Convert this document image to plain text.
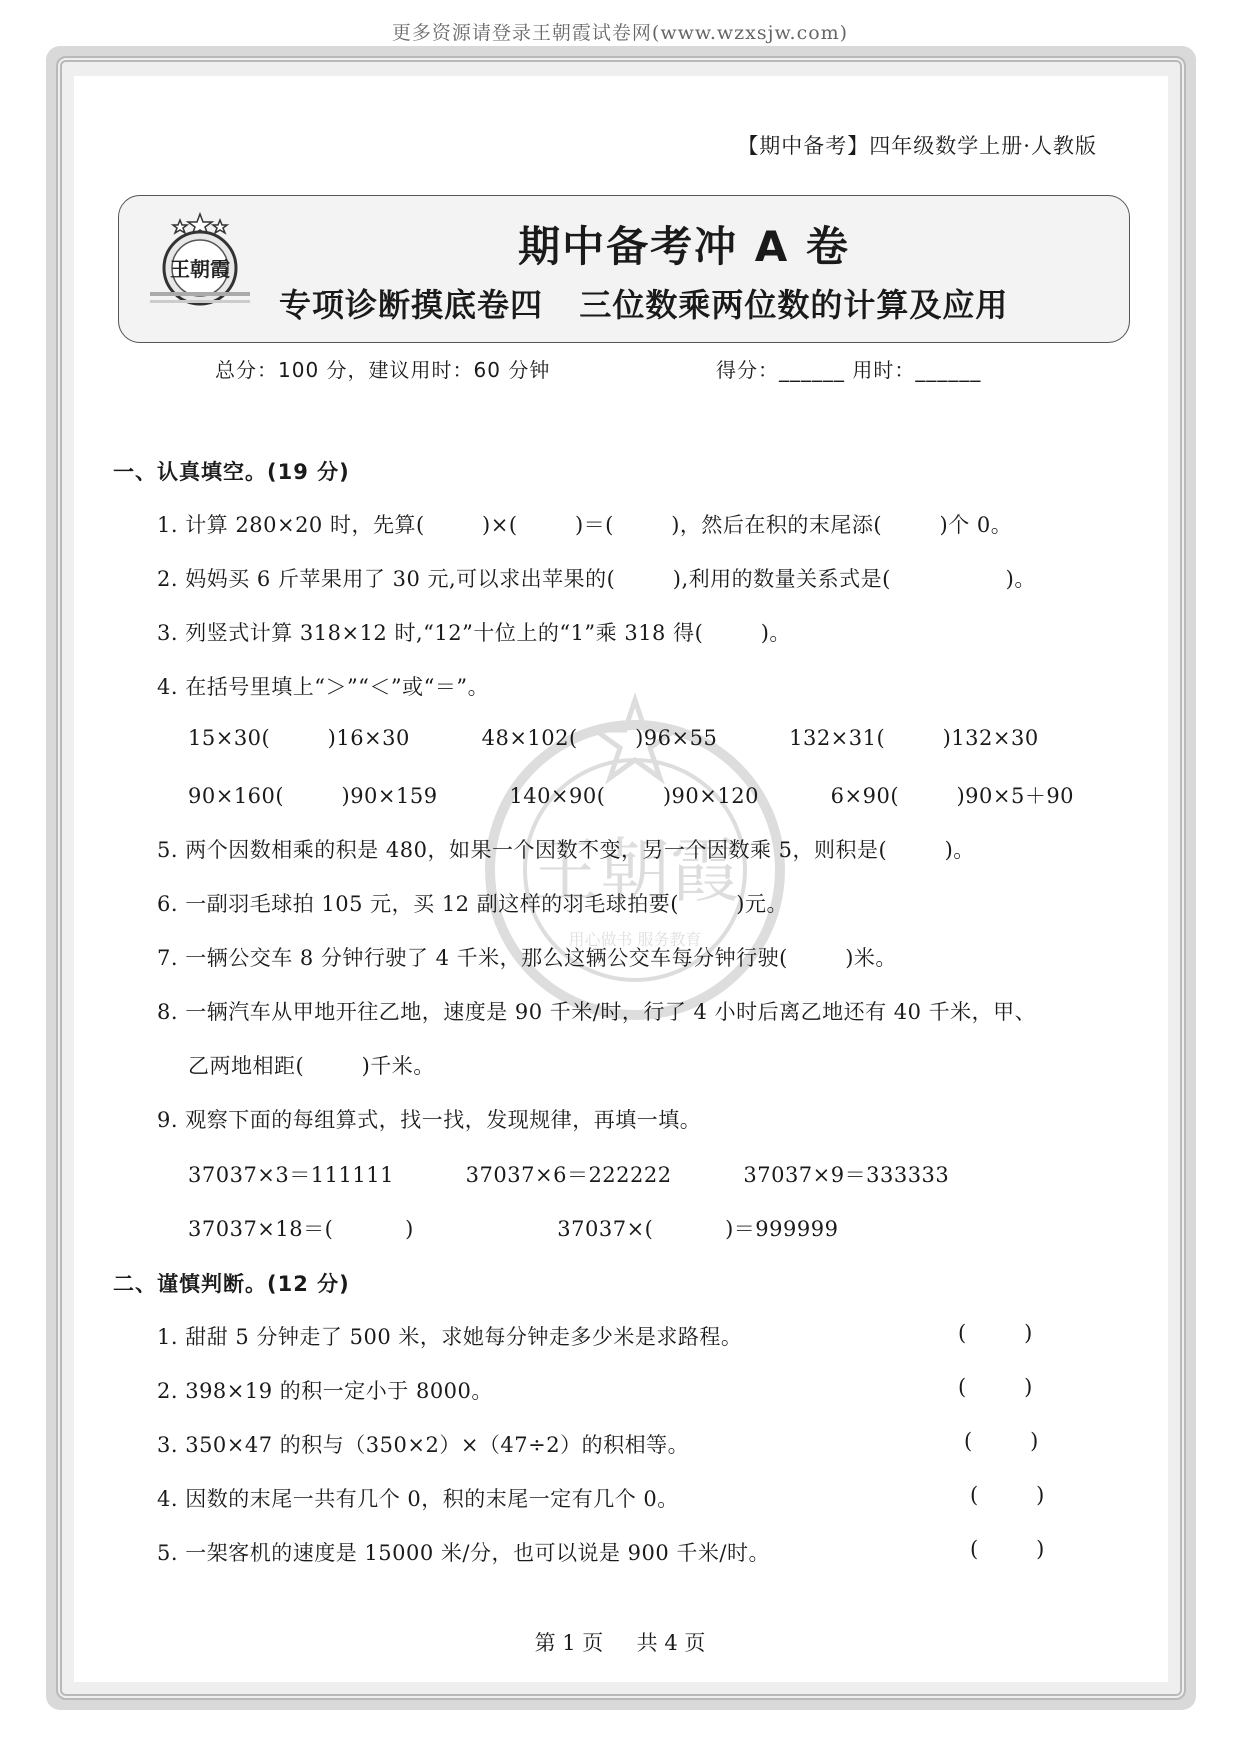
更多资源请登录王朝霞试卷网(www.wzxsjw.com)
【期中备考】四年级数学上册·人教版
期中备考冲 A 卷
专项诊断摸底卷四   三位数乘两位数的计算及应用
王朝霞
总分：100 分，建议用时：60 分钟	得分：______ 用时：______
王朝霞
用心做书 服务教育
一、认真填空。(19 分)
1. 计算 280×20 时，先算(        )×(        )＝(        )，然后在积的末尾添(        )个 0。
2. 妈妈买 6 斤苹果用了 30 元,可以求出苹果的(        ),利用的数量关系式是(                )。
3. 列竖式计算 318×12 时,“12”十位上的“1”乘 318 得(        )。
4. 在括号里填上“＞”“＜”或“＝”。
15×30(        )16×30          48×102(        )96×55          132×31(        )132×30
90×160(        )90×159          140×90(        )90×120          6×90(        )90×5＋90
5. 两个因数相乘的积是 480，如果一个因数不变，另一个因数乘 5，则积是(        )。
6. 一副羽毛球拍 105 元，买 12 副这样的羽毛球拍要(        )元。
7. 一辆公交车 8 分钟行驶了 4 千米，那么这辆公交车每分钟行驶(        )米。
8. 一辆汽车从甲地开往乙地，速度是 90 千米/时，行了 4 小时后离乙地还有 40 千米，甲、
乙两地相距(        )千米。
9. 观察下面的每组算式，找一找，发现规律，再填一填。
37037×3＝111111          37037×6＝222222          37037×9＝333333
37037×18＝(          )                    37037×(          )＝999999
二、谨慎判断。(12 分)
1. 甜甜 5 分钟走了 500 米，求她每分钟走多少米是求路程。	(        )
2. 398×19 的积一定小于 8000。	(        )
3. 350×47 的积与（350×2）×（47÷2）的积相等。	(        )
4. 因数的末尾一共有几个 0，积的末尾一定有几个 0。	(        )
5. 一架客机的速度是 15000 米/分，也可以说是 900 千米/时。	(        )
第 1 页     共 4 页
